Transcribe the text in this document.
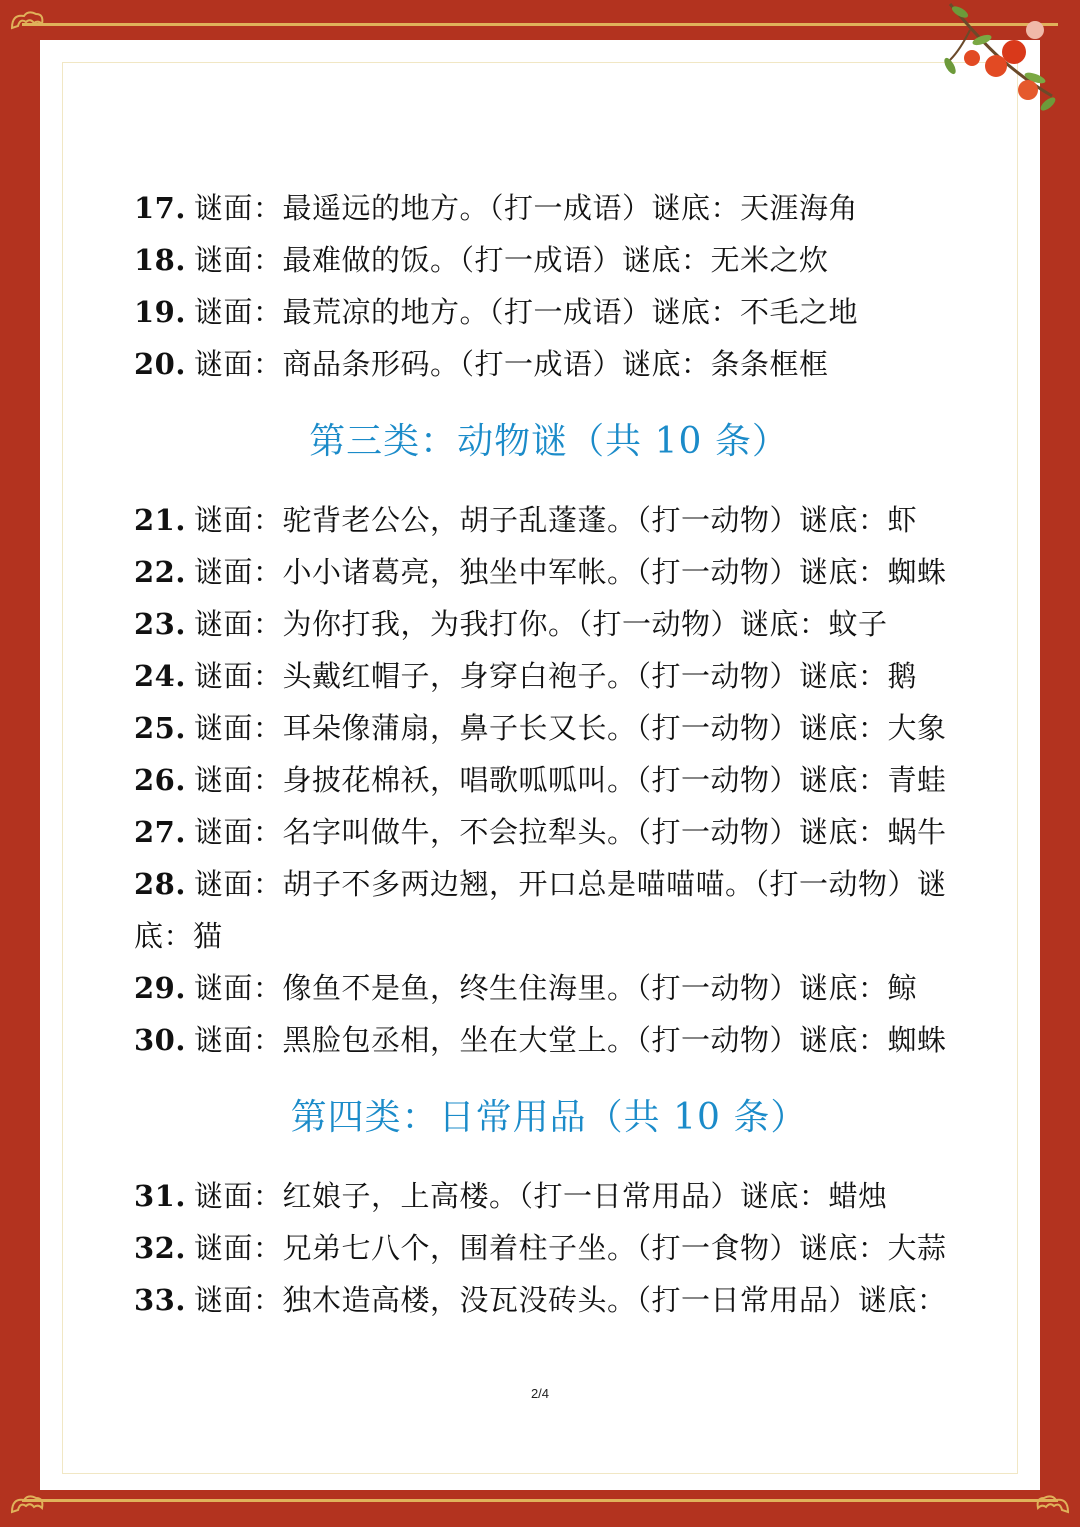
17. 谜面：最遥远的地方。（打一成语）谜底：天涯海角
18. 谜面：最难做的饭。（打一成语）谜底：无米之炊
19. 谜面：最荒凉的地方。（打一成语）谜底：不毛之地
20. 谜面：商品条形码。（打一成语）谜底：条条框框
第三类：动物谜（共 10 条）
21. 谜面：驼背老公公，胡子乱蓬蓬。（打一动物）谜底：虾
22. 谜面：小小诸葛亮，独坐中军帐。（打一动物）谜底：蜘蛛
23. 谜面：为你打我，为我打你。（打一动物）谜底：蚊子
24. 谜面：头戴红帽子，身穿白袍子。（打一动物）谜底：鹅
25. 谜面：耳朵像蒲扇，鼻子长又长。（打一动物）谜底：大象
26. 谜面：身披花棉袄，唱歌呱呱叫。（打一动物）谜底：青蛙
27. 谜面：名字叫做牛，不会拉犁头。（打一动物）谜底：蜗牛
28. 谜面：胡子不多两边翘，开口总是喵喵喵。（打一动物）谜
底：猫
29. 谜面：像鱼不是鱼，终生住海里。（打一动物）谜底：鲸
30. 谜面：黑脸包丞相，坐在大堂上。（打一动物）谜底：蜘蛛
第四类：日常用品（共 10 条）
31. 谜面：红娘子，上高楼。（打一日常用品）谜底：蜡烛
32. 谜面：兄弟七八个，围着柱子坐。（打一食物）谜底：大蒜
33. 谜面：独木造高楼，没瓦没砖头。（打一日常用品）谜底：
2/4
